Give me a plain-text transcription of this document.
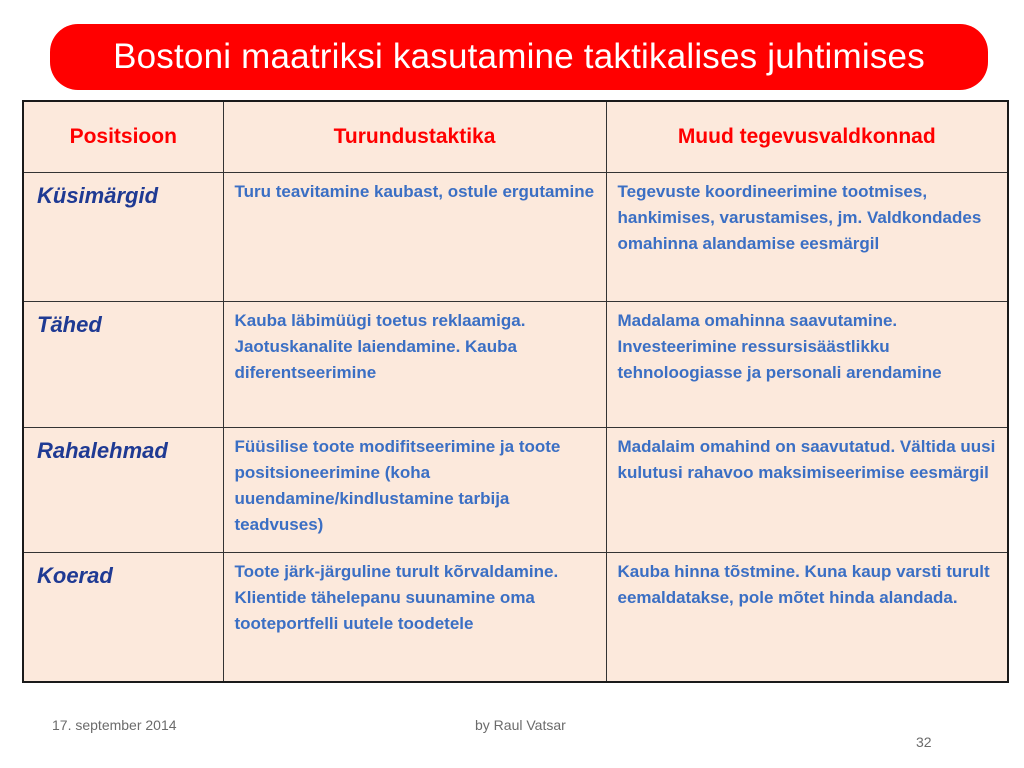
Bostoni maatriksi kasutamine taktikalises juhtimises
Positsioon	Turundustaktika	Muud tegevusvaldkonnad
Küsimärgid	Turu teavitamine kaubast, ostule ergutamine	Tegevuste koordineerimine tootmises, hankimises, varustamises, jm. Valdkondades omahinna alandamise eesmärgil
Tähed	Kauba läbimüügi toetus reklaamiga. Jaotuskanalite laiendamine. Kauba diferentseerimine	Madalama omahinna saavutamine. Investeerimine ressursisäästlikku tehnoloogiasse ja personali arendamine
Rahalehmad	Füüsilise toote modifitseerimine ja toote positsioneerimine (koha uuendamine/kindlustamine tarbija teadvuses)	Madalaim omahind on saavutatud. Vältida uusi kulutusi rahavoo maksimiseerimise eesmärgil
Koerad	Toote järk-järguline turult kõrvaldamine. Klientide tähelepanu suunamine oma tooteportfelli uutele toodetele	Kauba hinna tõstmine. Kuna kaup varsti turult eemaldatakse, pole mõtet hinda alandada.
17. september 2014	by Raul Vatsar
32
